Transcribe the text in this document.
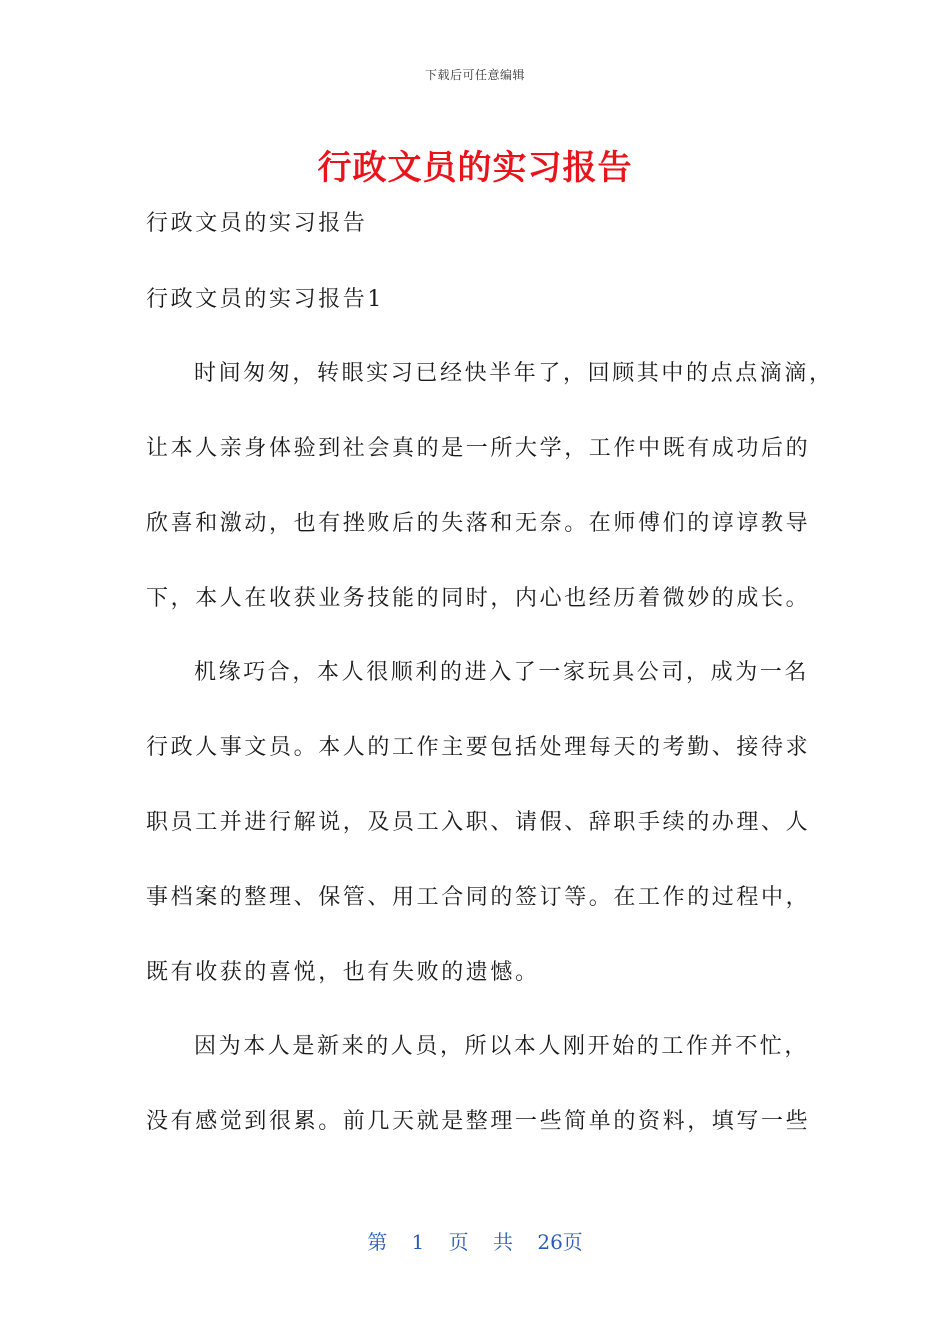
下载后可任意编辑
行政文员的实习报告
行政文员的实习报告
行政文员的实习报告1
时间匆匆，转眼实习已经快半年了，回顾其中的点点滴滴，
让本人亲身体验到社会真的是一所大学，工作中既有成功后的
欣喜和激动，也有挫败后的失落和无奈。在师傅们的谆谆教导
下，本人在收获业务技能的同时，内心也经历着微妙的成长。
机缘巧合，本人很顺利的进入了一家玩具公司，成为一名
行政人事文员。本人的工作主要包括处理每天的考勤、接待求
职员工并进行解说，及员工入职、请假、辞职手续的办理、人
事档案的整理、保管、用工合同的签订等。在工作的过程中，
既有收获的喜悦，也有失败的遗憾。
因为本人是新来的人员，所以本人刚开始的工作并不忙，
没有感觉到很累。前几天就是整理一些简单的资料，填写一些
第 1 页 共 26页
